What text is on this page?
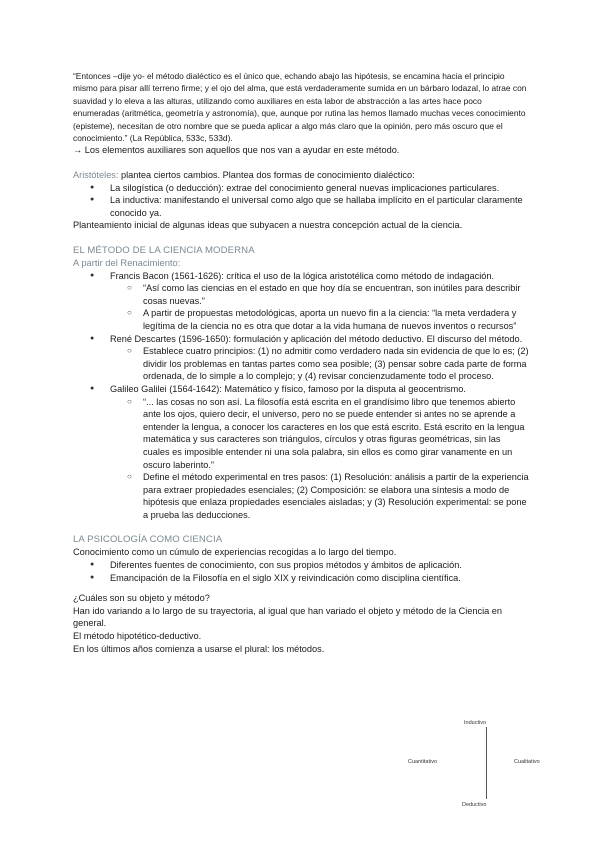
“Entonces –dije yo- el método dialéctico es el único que, echando abajo las hipótesis, se encamina hacia el principio mismo para pisar allí terreno firme; y el ojo del alma, que está verdaderamente sumida en un bárbaro lodazal, lo atrae con suavidad y lo eleva a las alturas, utilizando como auxiliares en esta labor de abstracción a las artes hace poco enumeradas (aritmética, geometría y astronomía), que, aunque por rutina las hemos llamado muchas veces conocimiento (episteme), necesitan de otro nombre que se pueda aplicar a algo más claro que la opinión, pero más oscuro que el conocimiento.” (La República, 533c, 533d).

→ Los elementos auxiliares son aquellos que nos van a ayudar en este método.

Aristóteles: plantea ciertos cambios. Plantea dos formas de conocimiento dialéctico:

● La silogística (o deducción): extrae del conocimiento general nuevas implicaciones particulares.
● La inductiva: manifestando el universal como algo que se hallaba implícito en el particular claramente conocido ya.

Planteamiento inicial de algunas ideas que subyacen a nuestra concepción actual de la ciencia.

EL MÉTODO DE LA CIENCIA MODERNA

A partir del Renacimiento:

● Francis Bacon (1561-1626): crítica el uso de la lógica aristotélica como método de indagación.
○ “Así como las ciencias en el estado en que hoy día se encuentran, son inútiles para describir cosas nuevas.”
○ A partir de propuestas metodológicas, aporta un nuevo fin a la ciencia: “la meta verdadera y legítima de la ciencia no es otra que dotar a la vida humana de nuevos inventos o recursos”
● René Descartes (1596-1650): formulación y aplicación del método deductivo. El discurso del método.
○ Establece cuatro principios: (1) no admitir como verdadero nada sin evidencia de que lo es; (2) dividir los problemas en tantas partes como sea posible; (3) pensar sobre cada parte de forma ordenada, de lo simple a lo complejo; y (4) revisar concienzudamente todo el proceso.
● Galileo Galilei (1564-1642): Matemático y físico, famoso por la disputa al geocentrismo.
○ “... las cosas no son así. La filosofía está escrita en el grandísimo libro que tenemos abierto ante los ojos, quiero decir, el universo, pero no se puede entender si antes no se aprende a entender la lengua, a conocer los caracteres en los que está escrito. Está escrito en la lengua matemática y sus caracteres son triángulos, círculos y otras figuras geométricas, sin las cuales es imposible entender ni una sola palabra, sin ellos es como girar vanamente en un oscuro laberinto.”
○ Define el método experimental en tres pasos: (1) Resolución: análisis a partir de la experiencia para extraer propiedades esenciales; (2) Composición: se elabora una síntesis a modo de hipótesis que enlaza propiedades esenciales aisladas; y (3) Resolución experimental: se pone a prueba las deducciones.

LA PSICOLOGÍA COMO CIENCIA

Conocimiento como un cúmulo de experiencias recogidas a lo largo del tiempo.

● Diferentes fuentes de conocimiento, con sus propios métodos y ámbitos de aplicación.
● Emancipación de la Filosofía en el siglo XIX y reivindicación como disciplina científica.

¿Cuáles son su objeto y método?

Han ido variando a lo largo de su trayectoria, al igual que han variado el objeto y método de la Ciencia en general.

El método hipotético-deductivo.

En los últimos años comienza a usarse el plural: los métodos.

Inductivo
Cuantitativo	Cualitativo
Deductivo
